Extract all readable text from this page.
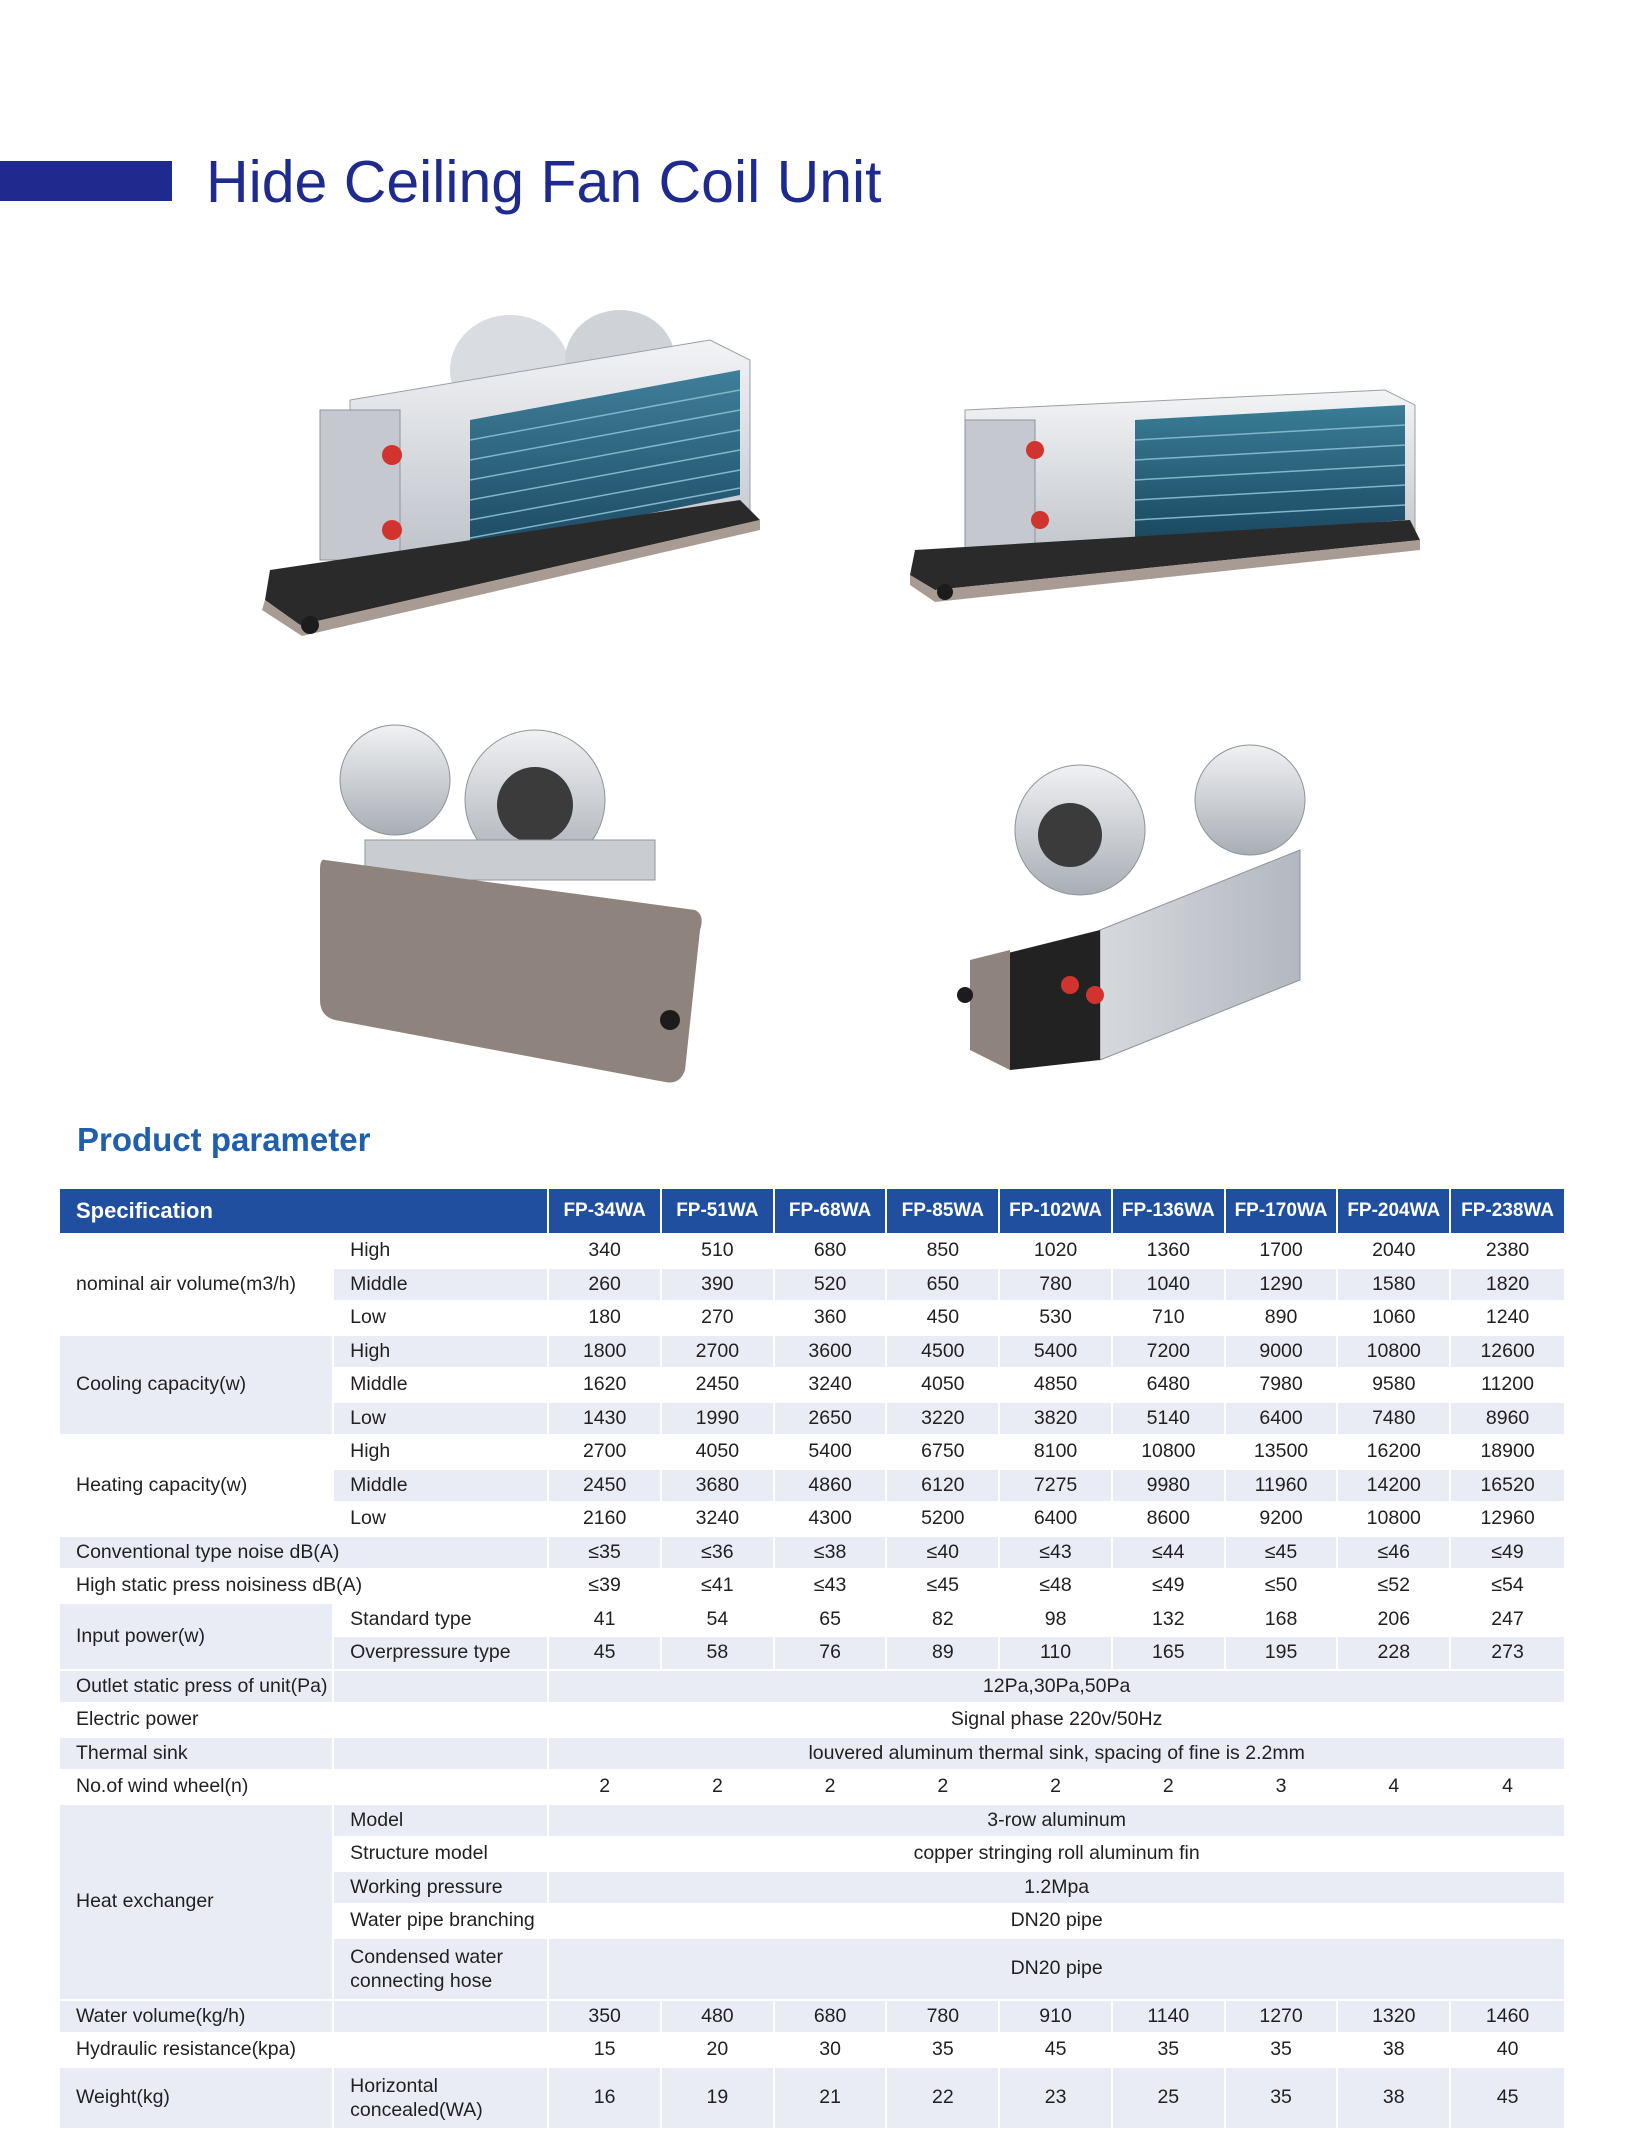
Hide Ceiling Fan Coil Unit
Product parameter
Specification		FP-34WA	FP-51WA	FP-68WA	FP-85WA	FP-102WA	FP-136WA	FP-170WA	FP-204WA	FP-238WA
nominal air volume(m3/h)	High	340	510	680	850	1020	1360	1700	2040	2380
	Middle	260	390	520	650	780	1040	1290	1580	1820
	Low	180	270	360	450	530	710	890	1060	1240
Cooling capacity(w)	High	1800	2700	3600	4500	5400	7200	9000	10800	12600
	Middle	1620	2450	3240	4050	4850	6480	7980	9580	11200
	Low	1430	1990	2650	3220	3820	5140	6400	7480	8960
Heating capacity(w)	High	2700	4050	5400	6750	8100	10800	13500	16200	18900
	Middle	2450	3680	4860	6120	7275	9980	11960	14200	16520
	Low	2160	3240	4300	5200	6400	8600	9200	10800	12960
Conventional type noise dB(A)		≤35	≤36	≤38	≤40	≤43	≤44	≤45	≤46	≤49
High static press noisiness dB(A)		≤39	≤41	≤43	≤45	≤48	≤49	≤50	≤52	≤54
Input power(w)	Standard type	41	54	65	82	98	132	168	206	247
	Overpressure type	45	58	76	89	110	165	195	228	273
Outlet static press of unit(Pa)		12Pa,30Pa,50Pa								
Electric power		Signal phase 220v/50Hz								
Thermal sink		louvered aluminum thermal sink, spacing of fine is 2.2mm								
No.of wind wheel(n)		2	2	2	2	2	2	3	4	4
Heat exchanger	Model	3-row aluminum								
	Structure model	copper stringing roll aluminum fin								
	Working pressure	1.2Mpa								
	Water pipe branching	DN20 pipe								
	Condensed water connecting hose	DN20 pipe								
Water volume(kg/h)		350	480	680	780	910	1140	1270	1320	1460
Hydraulic resistance(kpa)		15	20	30	35	45	35	35	38	40
Weight(kg)	Horizontal concealed(WA)	16	19	21	22	23	25	35	38	45
